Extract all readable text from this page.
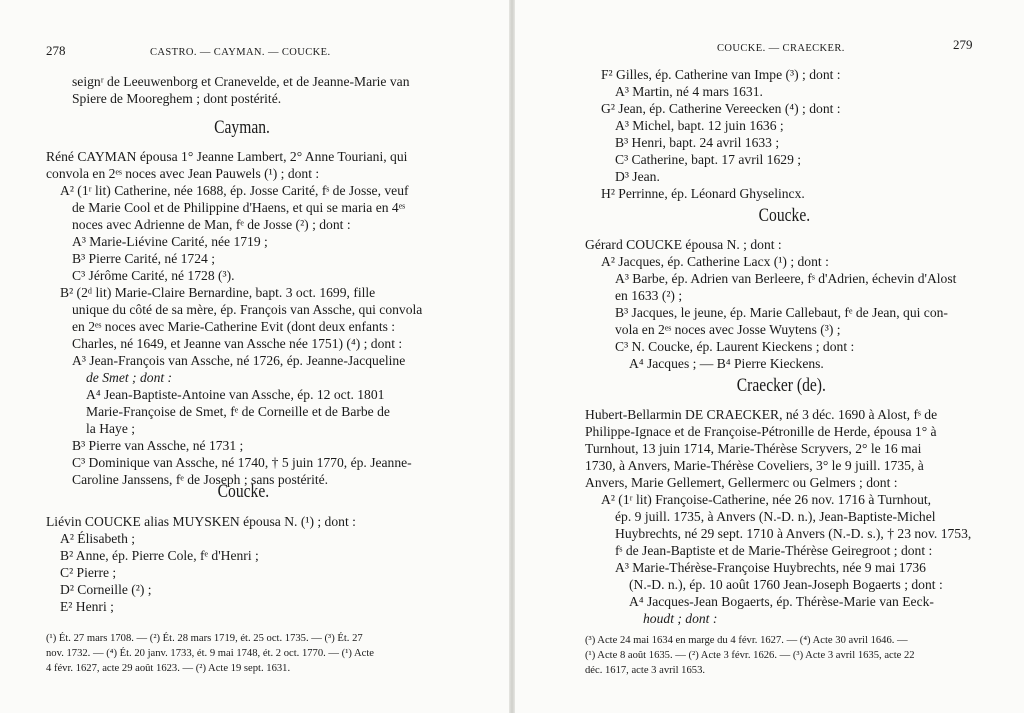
278	CASTRO. — CAYMAN. — COUCKE.
seignʳ de Leeuwenborg et Cranevelde, et de Jeanne-Marie van
Spiere de Mooreghem ; dont postérité.
Cayman.
Réné CAYMAN épousa 1° Jeanne Lambert, 2° Anne Touriani, qui
convola en 2ᵉˢ noces avec Jean Pauwels (¹) ; dont :
A² (1ʳ lit) Catherine, née 1688, ép. Josse Carité, fˢ de Josse, veuf
de Marie Cool et de Philippine d'Haens, et qui se maria en 4ᵉˢ
noces avec Adrienne de Man, fᵉ de Josse (²) ; dont :
A³ Marie-Liévine Carité, née 1719 ;
B³ Pierre Carité, né 1724 ;
C³ Jérôme Carité, né 1728 (³).
B² (2ᵈ lit) Marie-Claire Bernardine, bapt. 3 oct. 1699, fille
unique du côté de sa mère, ép. François van Assche, qui convola
en 2ᵉˢ noces avec Marie-Catherine Evit (dont deux enfants :
Charles, né 1649, et Jeanne van Assche née 1751) (⁴) ; dont :
A³ Jean-François van Assche, né 1726, ép. Jeanne-Jacqueline
de Smet ; dont :
A⁴ Jean-Baptiste-Antoine van Assche, ép. 12 oct. 1801
Marie-Françoise de Smet, fᵉ de Corneille et de Barbe de
la Haye ;
B³ Pierre van Assche, né 1731 ;
C³ Dominique van Assche, né 1740, † 5 juin 1770, ép. Jeanne-
Caroline Janssens, fᵉ de Joseph ; sans postérité.
Coucke.
Liévin COUCKE alias MUYSKEN épousa N. (¹) ; dont :
A² Élisabeth ;
B² Anne, ép. Pierre Cole, fᵉ d'Henri ;
C² Pierre ;
D² Corneille (²) ;
E² Henri ;
(¹) Ét. 27 mars 1708. — (²) Ét. 28 mars 1719, ét. 25 oct. 1735. — (³) Ét. 27
nov. 1732. — (⁴) Ét. 20 janv. 1733, ét. 9 mai 1748, ét. 2 oct. 1770. — (¹) Acte
4 févr. 1627, acte 29 août 1623. — (²) Acte 19 sept. 1631.
COUCKE. — CRAECKER.	279
F² Gilles, ép. Catherine van Impe (³) ; dont :
A³ Martin, né 4 mars 1631.
G² Jean, ép. Catherine Vereecken (⁴) ; dont :
A³ Michel, bapt. 12 juin 1636 ;
B³ Henri, bapt. 24 avril 1633 ;
C³ Catherine, bapt. 17 avril 1629 ;
D³ Jean.
H² Perrinne, ép. Léonard Ghyselincx.
Coucke.
Gérard COUCKE épousa N. ; dont :
A² Jacques, ép. Catherine Lacx (¹) ; dont :
A³ Barbe, ép. Adrien van Berleere, fˢ d'Adrien, échevin d'Alost
en 1633 (²) ;
B³ Jacques, le jeune, ép. Marie Callebaut, fᵉ de Jean, qui con-
vola en 2ᵉˢ noces avec Josse Wuytens (³) ;
C³ N. Coucke, ép. Laurent Kieckens ; dont :
A⁴ Jacques ; — B⁴ Pierre Kieckens.
Craecker (de).
Hubert-Bellarmin DE CRAECKER, né 3 déc. 1690 à Alost, fˢ de
Philippe-Ignace et de Françoise-Pétronille de Herde, épousa 1° à
Turnhout, 13 juin 1714, Marie-Thérèse Scryvers, 2° le 16 mai
1730, à Anvers, Marie-Thérèse Coveliers, 3° le 9 juill. 1735, à
Anvers, Marie Gellemert, Gellermerc ou Gelmers ; dont :
A² (1ʳ lit) Françoise-Catherine, née 26 nov. 1716 à Turnhout,
ép. 9 juill. 1735, à Anvers (N.-D. n.), Jean-Baptiste-Michel
Huybrechts, né 29 sept. 1710 à Anvers (N.-D. s.), † 23 nov. 1753,
fˢ de Jean-Baptiste et de Marie-Thérèse Geiregroot ; dont :
A³ Marie-Thérèse-Françoise Huybrechts, née 9 mai 1736
(N.-D. n.), ép. 10 août 1760 Jean-Joseph Bogaerts ; dont :
A⁴ Jacques-Jean Bogaerts, ép. Thérèse-Marie van Eeck-
houdt ; dont :
(³) Acte 24 mai 1634 en marge du 4 févr. 1627. — (⁴) Acte 30 avril 1646. —
(¹) Acte 8 août 1635. — (²) Acte 3 févr. 1626. — (³) Acte 3 avril 1635, acte 22
déc. 1617, acte 3 avril 1653.
